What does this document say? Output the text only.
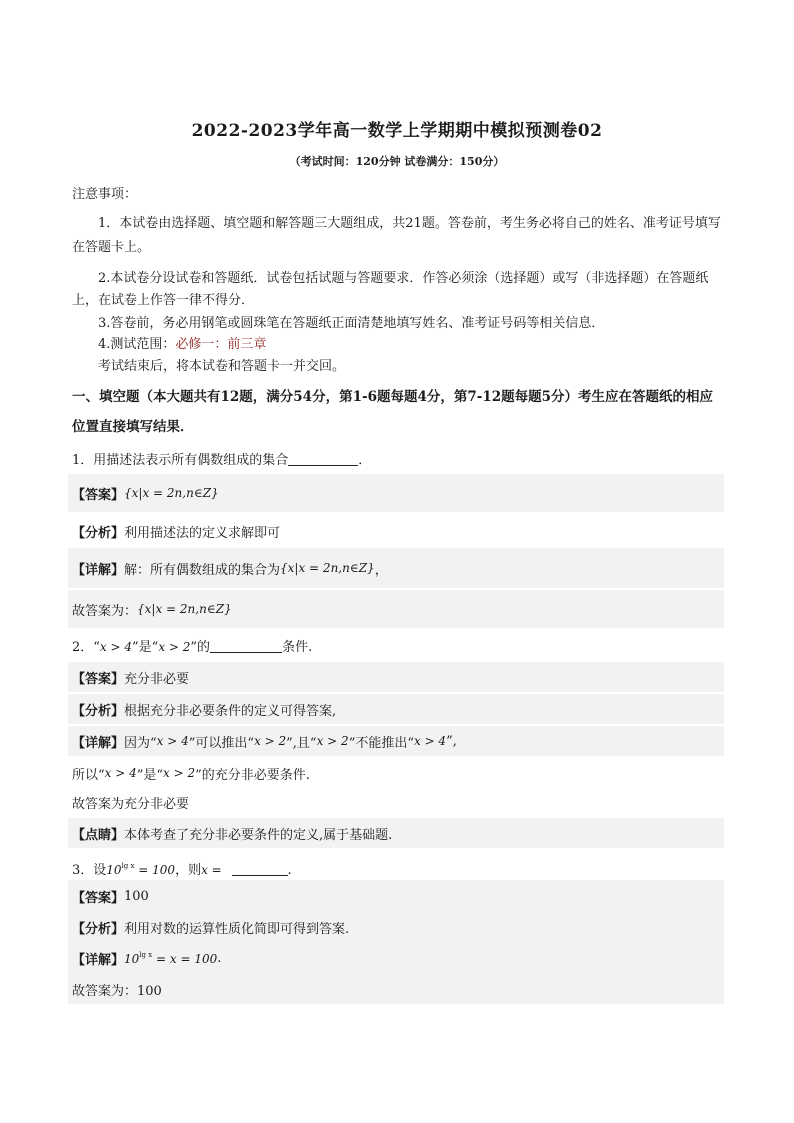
2022-2023学年高一数学上学期期中模拟预测卷02
（考试时间：120分钟 试卷满分：150分）
注意事项：
1．本试卷由选择题、填空题和解答题三大题组成，共21题。答卷前，考生务必将自己的姓名、准考证号填写在答题卡上。
2.本试卷分设试卷和答题纸．试卷包括试题与答题要求．作答必须涂（选择题）或写（非选择题）在答题纸上，在试卷上作答一律不得分．
3.答卷前，务必用钢笔或圆珠笔在答题纸正面清楚地填写姓名、准考证号码等相关信息．
4.测试范围：必修一：前三章
考试结束后，将本试卷和答题卡一并交回。
一、填空题（本大题共有12题，满分54分，第1-6题每题4分，第7-12题每题5分）考生应在答题纸的相应位置直接填写结果．
1．用描述法表示所有偶数组成的集合	．
【答案】 {x|x = 2n,n∈Z}
【分析】 利用描述法的定义求解即可
【详解】 解：所有偶数组成的集合为 {x|x = 2n,n∈Z} ，
故答案为： {x|x = 2n,n∈Z}
2．“x > 4”是“x > 2”的	条件.
【答案】 充分非必要
【分析】 根据充分非必要条件的定义可得答案,
【详解】 因为“ x > 4 ”可以推出“ x > 2 ”,且“ x > 2 ”不能推出“ x > 4 ”,
所以“ x > 4 ”是“ x > 2 ”的充分非必要条件.
故答案为充分非必要
【点睛】 本体考查了充分非必要条件的定义,属于基础题.
3．设$10^{lg x} = 100$，则x =	.
【答案】 100
【分析】 利用对数的运算性质化简即可得到答案.
【详解】 $10^{lg x} = x = 100$ .
故答案为：100
